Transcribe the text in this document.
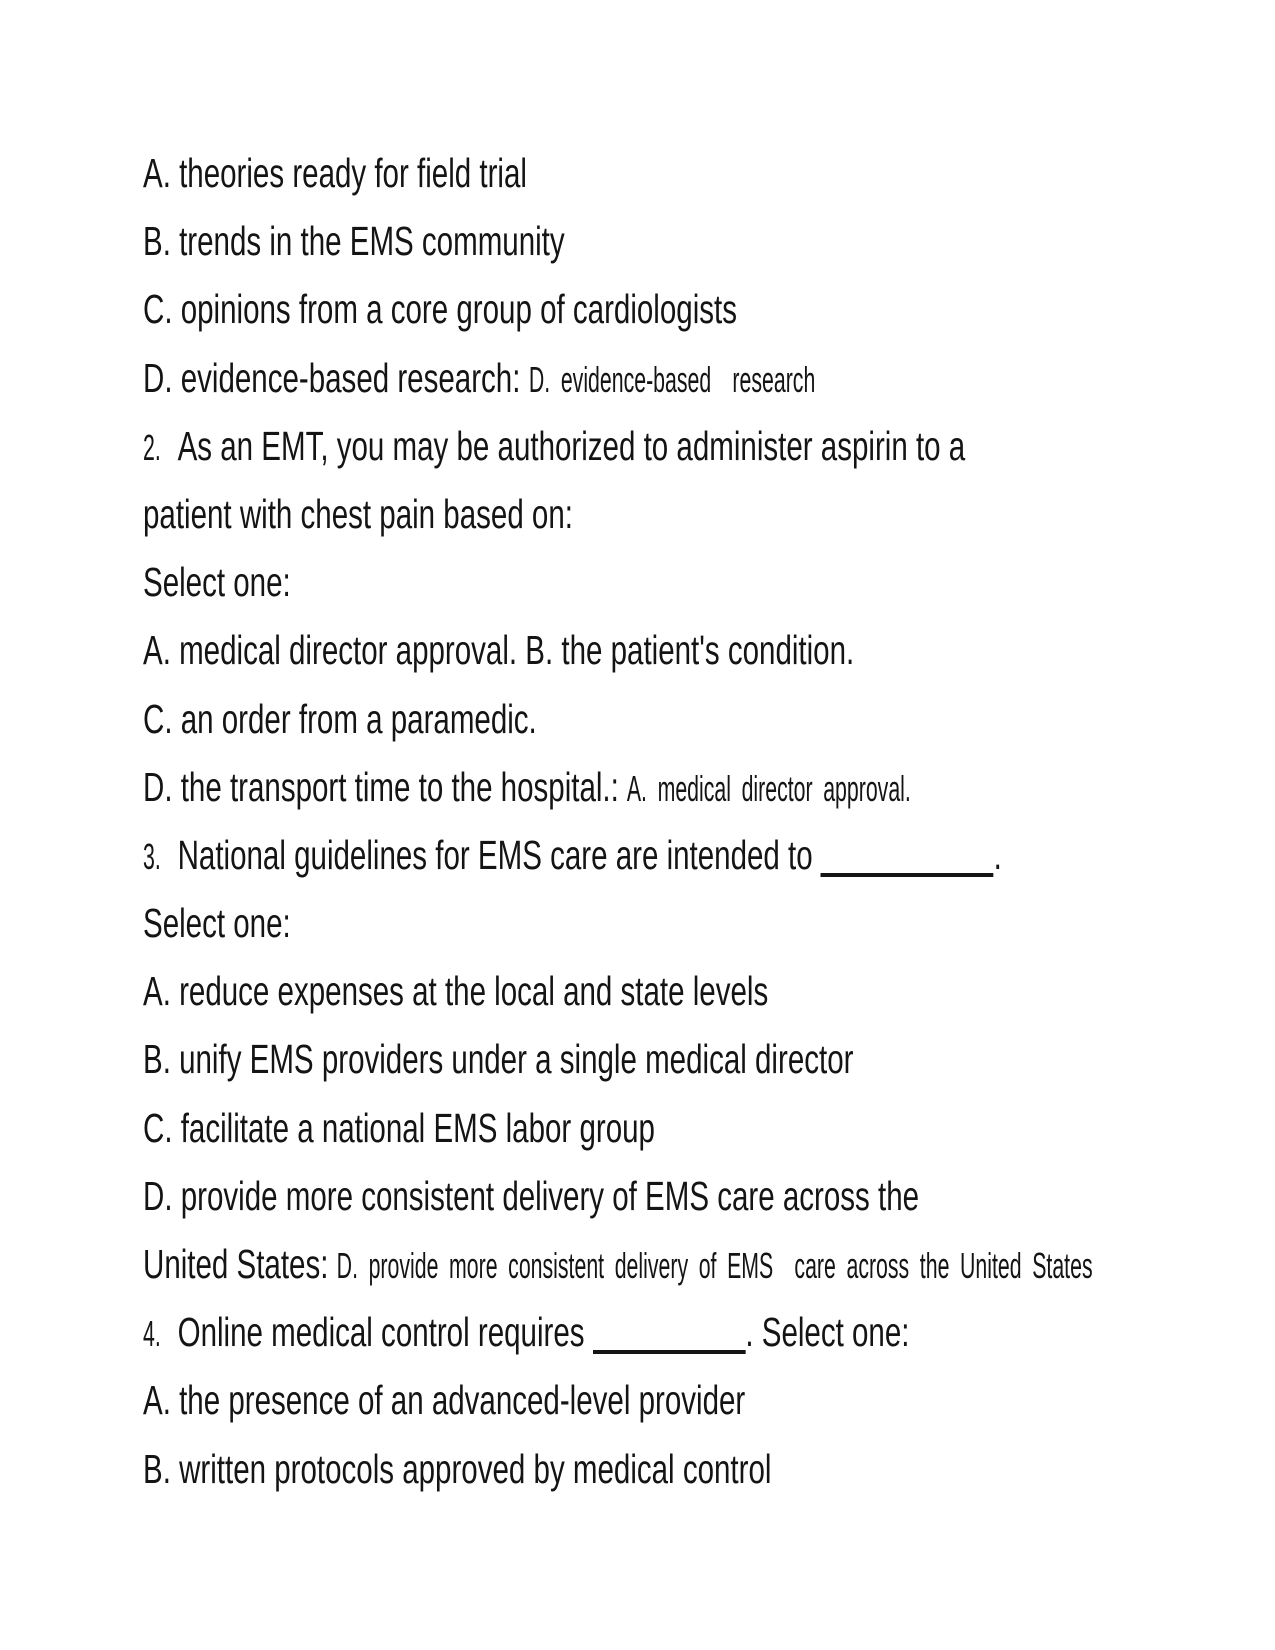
A. theories ready for field trial
B. trends in the EMS community
C. opinions from a core group of cardiologists
D. evidence-based research: D. evidence-based  research
2. As an EMT, you may be authorized to administer aspirin to a
patient with chest pain based on:
Select one:
A. medical director approval. B. the patient's condition.
C. an order from a paramedic.
D. the transport time to the hospital.: A. medical director approval.
3. National guidelines for EMS care are intended to	.
Select one:
A. reduce expenses at the local and state levels
B. unify EMS providers under a single medical director
C. facilitate a national EMS labor group
D. provide more consistent delivery of EMS care across the
United States: D. provide more consistent delivery of EMS  care across the United States
4. Online medical control requires	. Select one:
A. the presence of an advanced-level provider
B. written protocols approved by medical control
